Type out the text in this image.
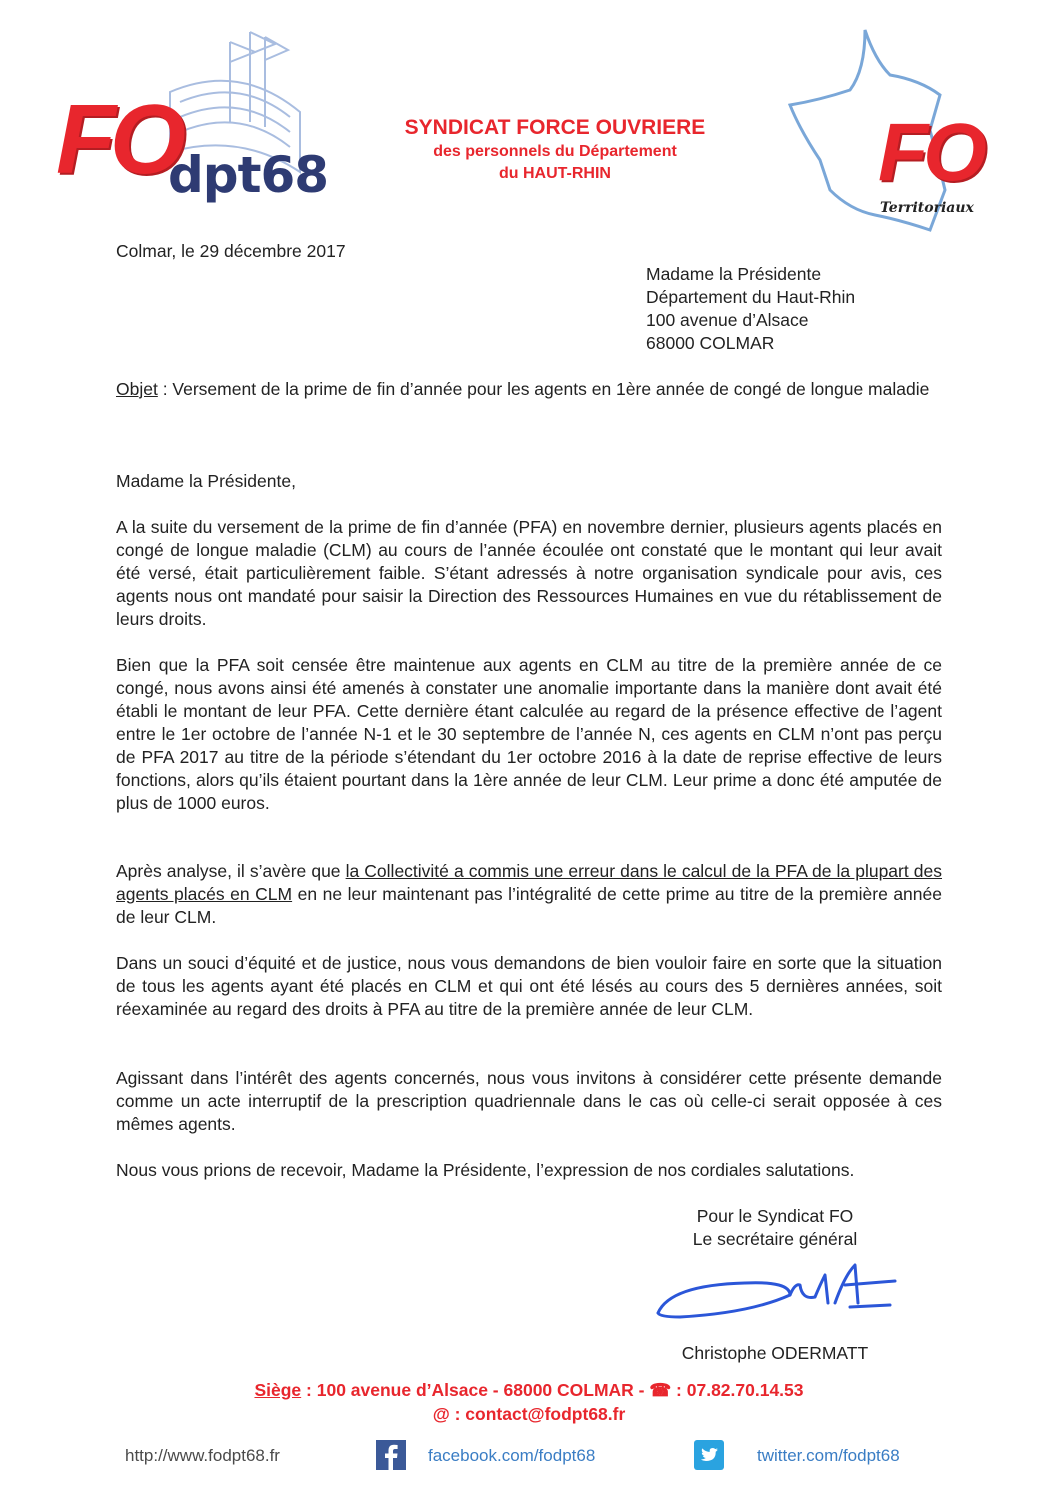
FO
dpt68
SYNDICAT FORCE OUVRIERE
des personnels du Département
du HAUT-RHIN	FO
Territoriaux
Colmar, le 29 décembre 2017
Madame la Présidente
Département du Haut-Rhin
100 avenue d’Alsace
68000 COLMAR
Objet : Versement de la prime de fin d’année pour les agents en 1ère année de congé de longue maladie
Madame la Présidente,
A la suite du versement de la prime de fin d’année (PFA) en novembre dernier, plusieurs agents placés en congé de longue maladie (CLM) au cours de l’année écoulée ont constaté que le montant qui leur avait été versé, était particulièrement faible. S’étant adressés à notre organisation syndicale pour avis, ces agents nous ont mandaté pour saisir la Direction des Ressources Humaines en vue du rétablissement de leurs droits.
Bien que la PFA soit censée être maintenue aux agents en CLM au titre de la première année de ce congé, nous avons ainsi été amenés à constater une anomalie importante dans la manière dont avait été établi le montant de leur PFA. Cette dernière étant calculée au regard de la présence effective de l’agent entre le 1er octobre de l’année N-1 et le 30 septembre de l’année N, ces agents en CLM n’ont pas perçu de PFA 2017 au titre de la période s’étendant du 1er octobre 2016 à la date de reprise effective de leurs fonctions, alors qu’ils étaient pourtant dans la 1ère année de leur CLM. Leur prime a donc été amputée de plus de 1000 euros.
Après analyse, il s’avère que la Collectivité a commis une erreur dans le calcul de la PFA de la plupart des agents placés en CLM en ne leur maintenant pas l’intégralité de cette prime au titre de la première année de leur CLM.
Dans un souci d’équité et de justice, nous vous demandons de bien vouloir faire en sorte que la situation de tous les agents ayant été placés en CLM et qui ont été lésés au cours des 5 dernières années, soit réexaminée au regard des droits à PFA au titre de la première année de leur CLM.
Agissant dans l’intérêt des agents concernés, nous vous invitons à considérer cette présente demande comme un acte interruptif de la prescription quadriennale dans le cas où celle-ci serait opposée à ces mêmes agents.
Nous vous prions de recevoir, Madame la Présidente, l’expression de nos cordiales salutations.
Pour le Syndicat FO
Le secrétaire général
Christophe ODERMATT
Siège : 100 avenue d’Alsace - 68000 COLMAR - ☎ : 07.82.70.14.53
@ : contact@fodpt68.fr
http://www.fodpt68.fr	facebook.com/fodpt68	twitter.com/fodpt68
